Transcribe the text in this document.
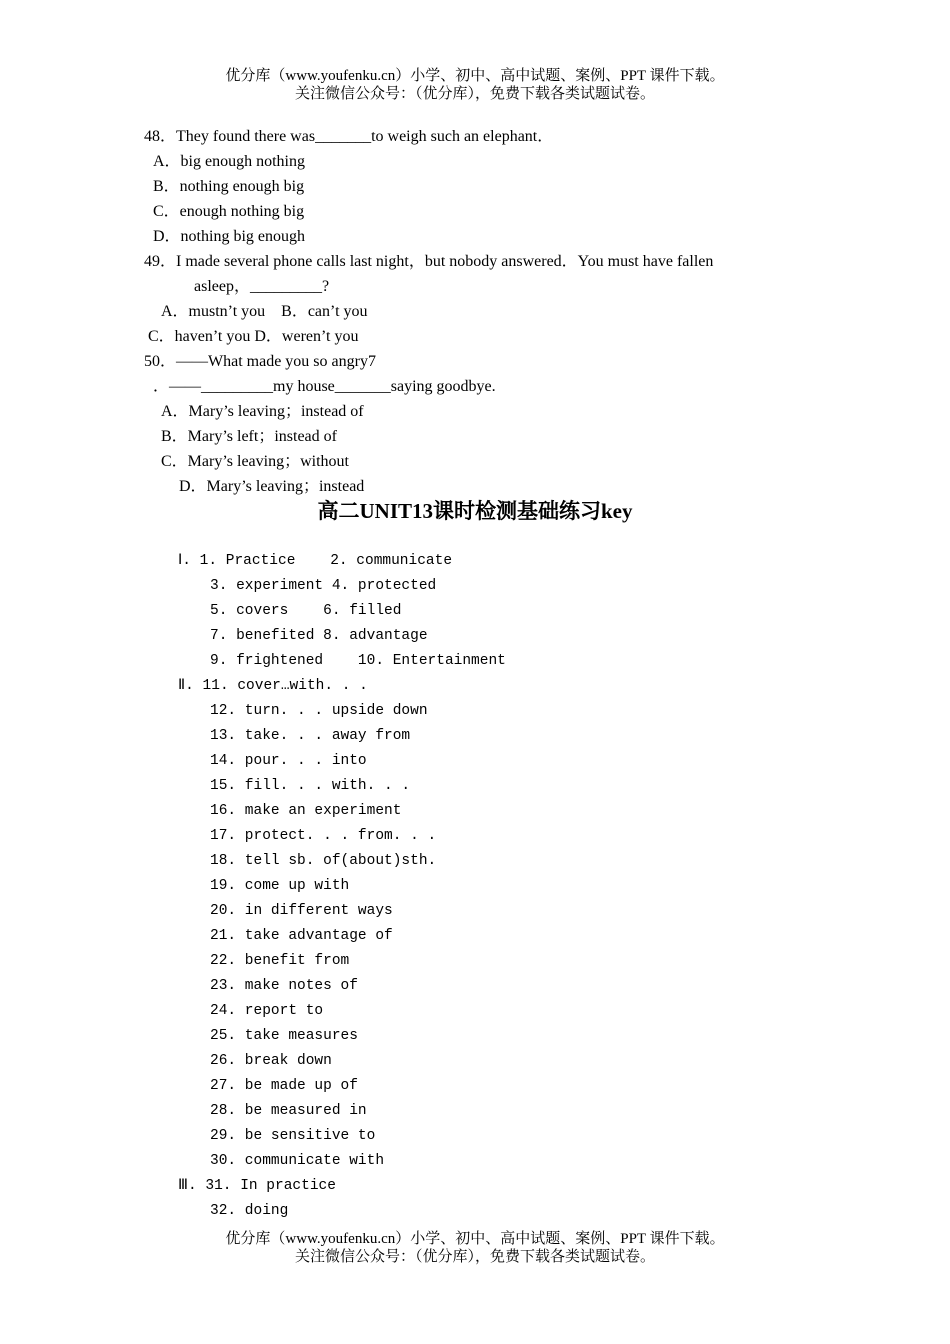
优分库（www.youfenku.cn）小学、初中、高中试题、案例、PPT 课件下载。
关注微信公众号：（优分库），免费下载各类试题试卷。
48．They found there was_______to weigh such an elephant．
A．big enough nothing
B．nothing enough big
C．enough nothing big
D．nothing big enough
49．I made several phone calls last night，but nobody answered．You must have fallen
asleep，_________?
A．mustn’t you    B．can’t you
C．haven’t you D．weren’t you
50．——What made you so angry7
．——_________my house_______saying goodbye.
A．Mary’s leaving；instead of
B．Mary’s left；instead of
C．Mary’s leaving；without
D．Mary’s leaving；instead
高二UNIT13课时检测基础练习key
Ⅰ. 1. Practice    2. communicate
3. experiment 4. protected
5. covers    6. filled
7. benefited 8. advantage
9. frightened    10. Entertainment
Ⅱ. 11. cover…with. . .
12. turn. . . upside down
13. take. . . away from
14. pour. . . into
15. fill. . . with. . .
16. make an experiment
17. protect. . . from. . .
18. tell sb. of(about)sth.
19. come up with
20. in different ways
21. take advantage of
22. benefit from
23. make notes of
24. report to
25. take measures
26. break down
27. be made up of
28. be measured in
29. be sensitive to
30. communicate with
Ⅲ. 31. In practice
32. doing
优分库（www.youfenku.cn）小学、初中、高中试题、案例、PPT 课件下载。
关注微信公众号：（优分库），免费下载各类试题试卷。
